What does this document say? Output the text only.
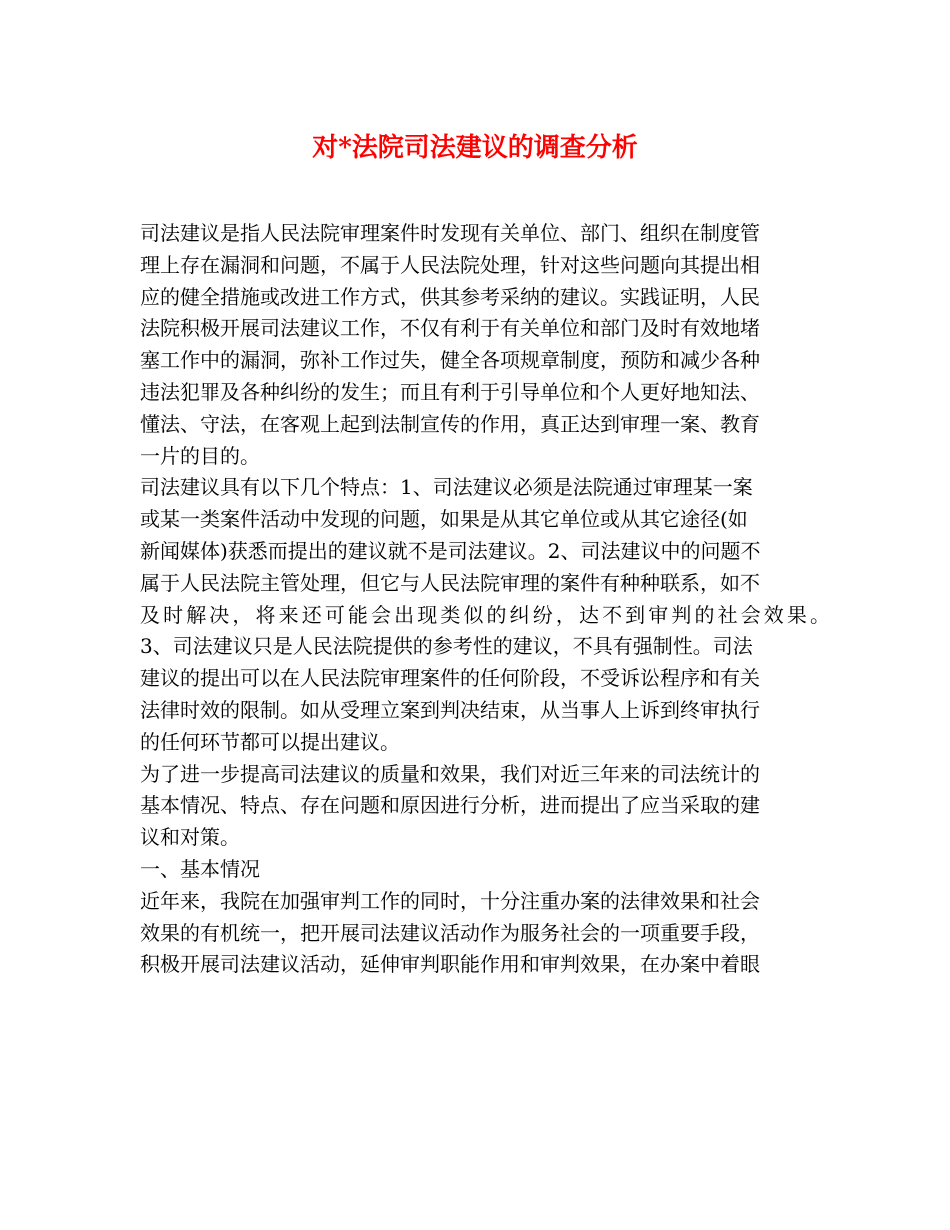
对*法院司法建议的调查分析
司法建议是指人民法院审理案件时发现有关单位、部门、组织在制度管
理上存在漏洞和问题，不属于人民法院处理，针对这些问题向其提出相
应的健全措施或改进工作方式，供其参考采纳的建议。实践证明，人民
法院积极开展司法建议工作，不仅有利于有关单位和部门及时有效地堵
塞工作中的漏洞，弥补工作过失，健全各项规章制度，预防和减少各种
违法犯罪及各种纠纷的发生；而且有利于引导单位和个人更好地知法、
懂法、守法，在客观上起到法制宣传的作用，真正达到审理一案、教育
一片的目的。
司法建议具有以下几个特点：1、司法建议必须是法院通过审理某一案
或某一类案件活动中发现的问题，如果是从其它单位或从其它途径(如
新闻媒体)获悉而提出的建议就不是司法建议。2、司法建议中的问题不
属于人民法院主管处理，但它与人民法院审理的案件有种种联系，如不
及时解决，将来还可能会出现类似的纠纷，达不到审判的社会效果。
3、司法建议只是人民法院提供的参考性的建议，不具有强制性。司法
建议的提出可以在人民法院审理案件的任何阶段，不受诉讼程序和有关
法律时效的限制。如从受理立案到判决结束，从当事人上诉到终审执行
的任何环节都可以提出建议。
为了进一步提高司法建议的质量和效果，我们对近三年来的司法统计的
基本情况、特点、存在问题和原因进行分析，进而提出了应当采取的建
议和对策。
一、基本情况
近年来，我院在加强审判工作的同时，十分注重办案的法律效果和社会
效果的有机统一，把开展司法建议活动作为服务社会的一项重要手段，
积极开展司法建议活动，延伸审判职能作用和审判效果，在办案中着眼
